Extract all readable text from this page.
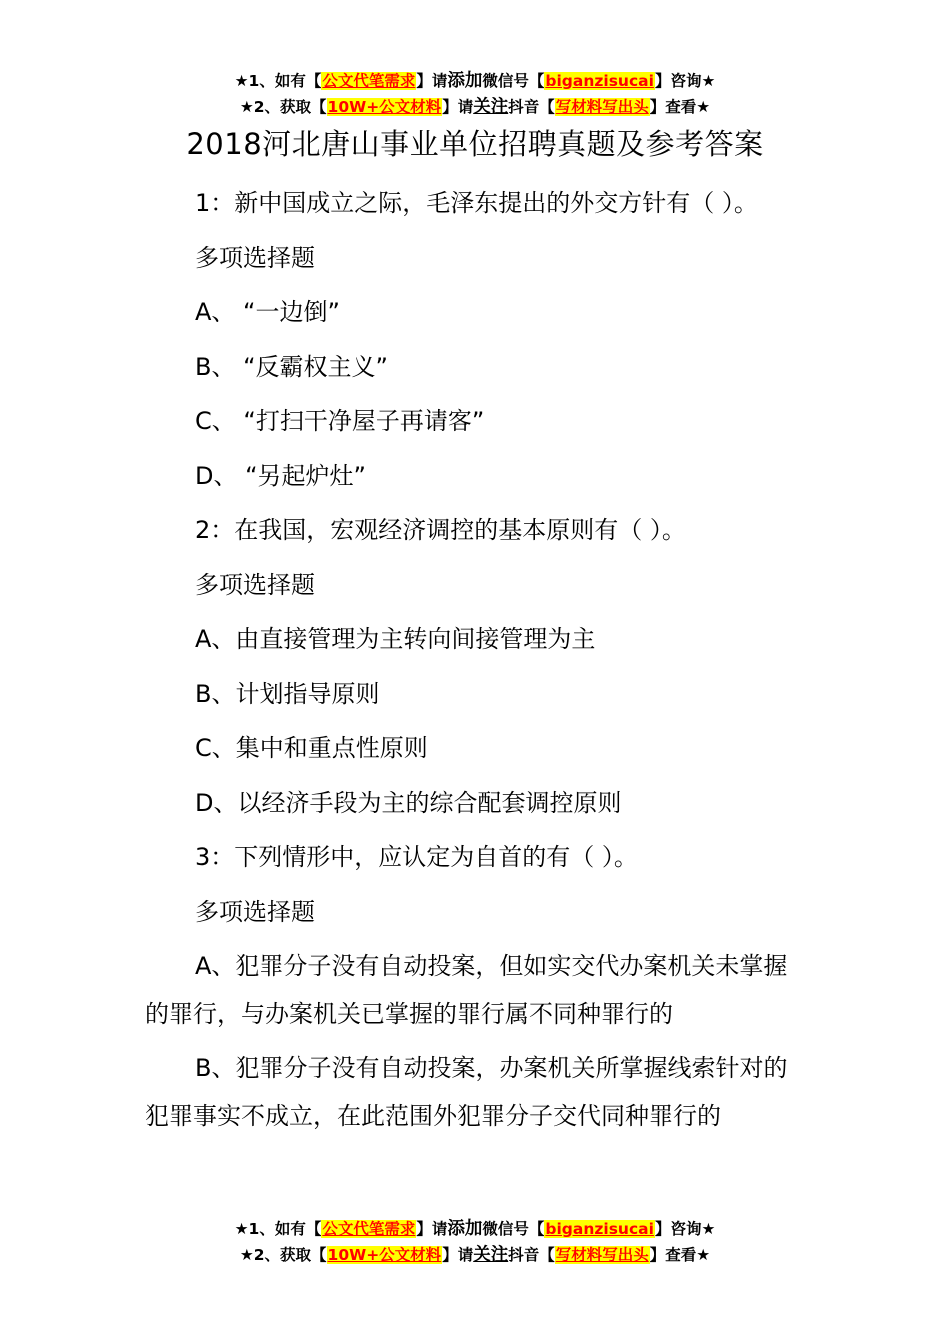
★1、如有【公文代笔需求】请添加微信号【biganzisucai】咨询★
★2、获取【10W+公文材料】请关注抖音【写材料写出头】查看★
2018河北唐山事业单位招聘真题及参考答案
1：新中国成立之际，毛泽东提出的外交方针有（ ）。
多项选择题
A、 “一边倒”
B、 “反霸权主义”
C、 “打扫干净屋子再请客”
D、 “另起炉灶”
2：在我国，宏观经济调控的基本原则有（ ）。
多项选择题
A、由直接管理为主转向间接管理为主
B、计划指导原则
C、集中和重点性原则
D、以经济手段为主的综合配套调控原则
3：下列情形中，应认定为自首的有（ ）。
多项选择题
A、犯罪分子没有自动投案，但如实交代办案机关未掌握的罪行，与办案机关已掌握的罪行属不同种罪行的
B、犯罪分子没有自动投案，办案机关所掌握线索针对的犯罪事实不成立，在此范围外犯罪分子交代同种罪行的
★1、如有【公文代笔需求】请添加微信号【biganzisucai】咨询★
★2、获取【10W+公文材料】请关注抖音【写材料写出头】查看★
